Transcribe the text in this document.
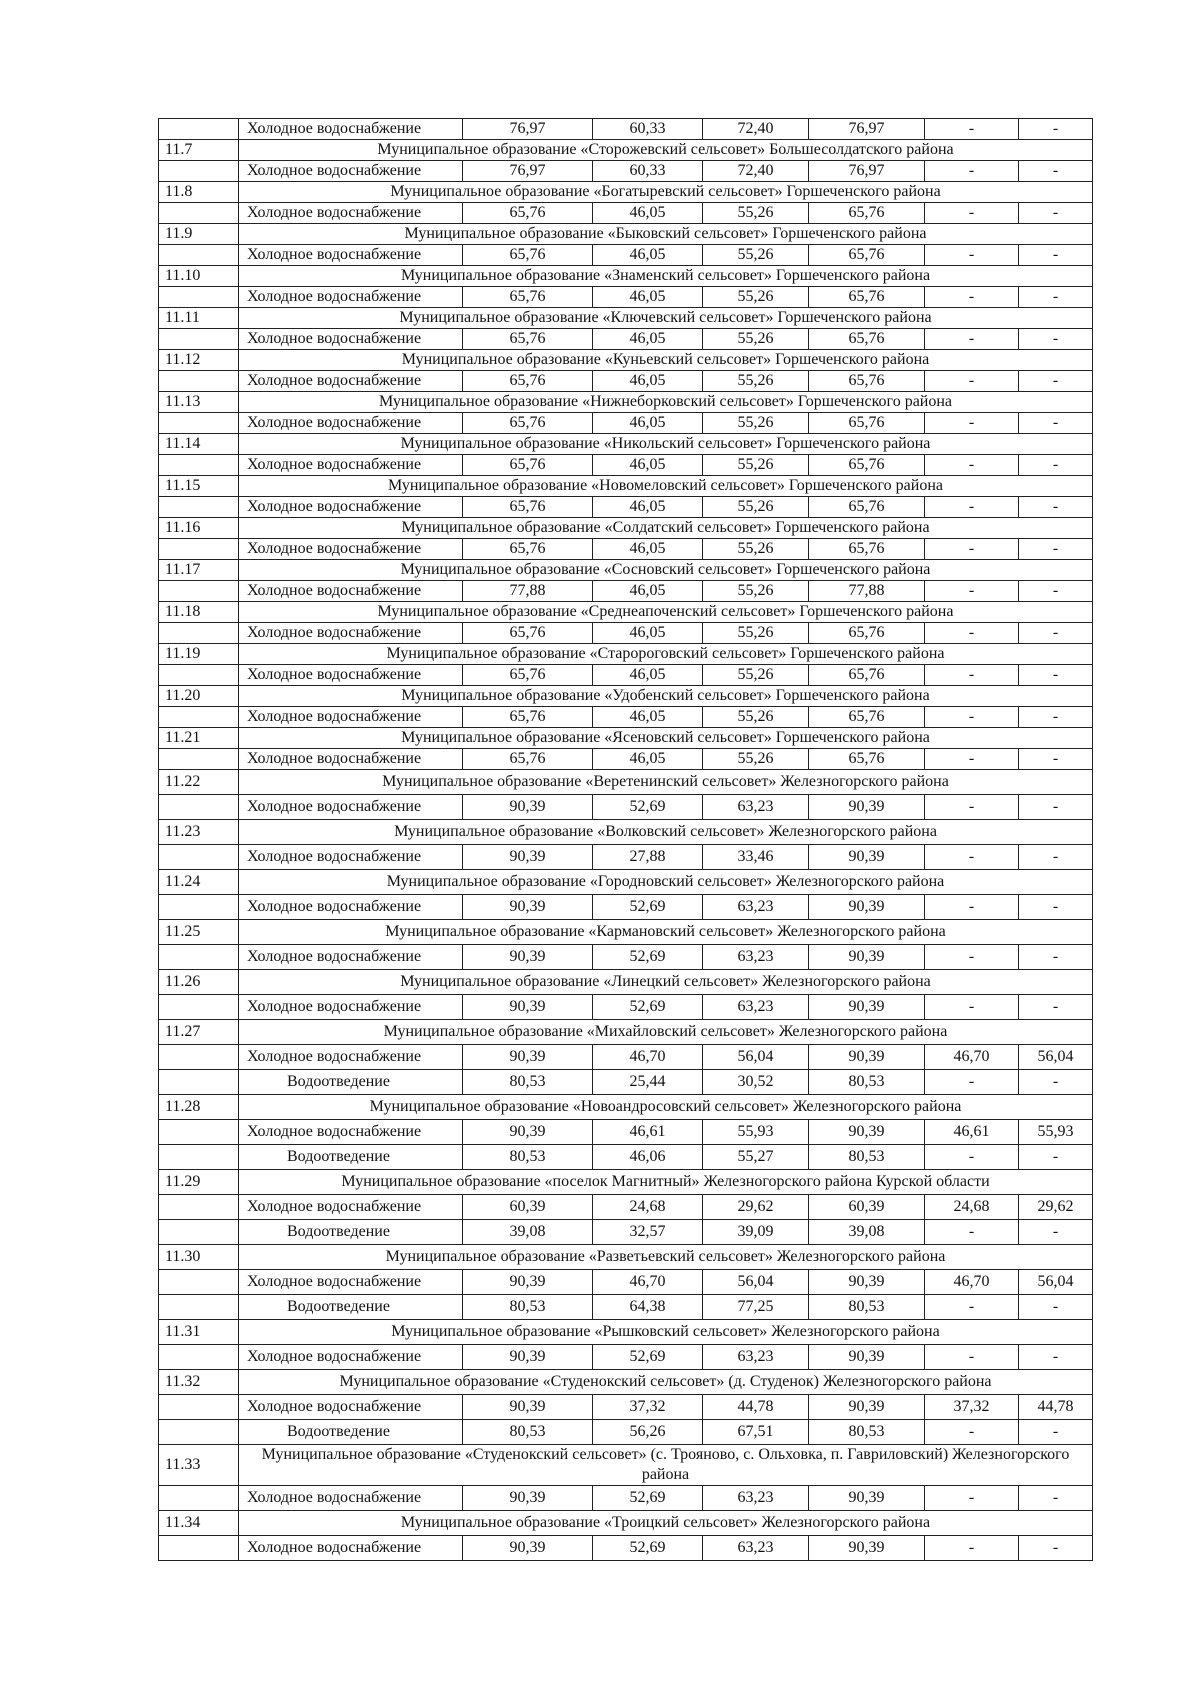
	Холодное водоснабжение	76,97	60,33	72,40	76,97	-	-
11.7	Муниципальное образование «Сторожевский сельсовет» Большесолдатского района						
	Холодное водоснабжение	76,97	60,33	72,40	76,97	-	-
11.8	Муниципальное образование «Богатыревский сельсовет» Горшеченского района						
	Холодное водоснабжение	65,76	46,05	55,26	65,76	-	-
11.9	Муниципальное образование «Быковский сельсовет» Горшеченского района						
	Холодное водоснабжение	65,76	46,05	55,26	65,76	-	-
11.10	Муниципальное образование «Знаменский сельсовет» Горшеченского района						
	Холодное водоснабжение	65,76	46,05	55,26	65,76	-	-
11.11	Муниципальное образование «Ключевский сельсовет» Горшеченского района						
	Холодное водоснабжение	65,76	46,05	55,26	65,76	-	-
11.12	Муниципальное образование «Куньевский сельсовет» Горшеченского района						
	Холодное водоснабжение	65,76	46,05	55,26	65,76	-	-
11.13	Муниципальное образование «Нижнеборковский сельсовет» Горшеченского района						
	Холодное водоснабжение	65,76	46,05	55,26	65,76	-	-
11.14	Муниципальное образование «Никольский сельсовет» Горшеченского района						
	Холодное водоснабжение	65,76	46,05	55,26	65,76	-	-
11.15	Муниципальное образование «Новомеловский сельсовет» Горшеченского района						
	Холодное водоснабжение	65,76	46,05	55,26	65,76	-	-
11.16	Муниципальное образование «Солдатский сельсовет» Горшеченского района						
	Холодное водоснабжение	65,76	46,05	55,26	65,76	-	-
11.17	Муниципальное образование «Сосновский сельсовет» Горшеченского района						
	Холодное водоснабжение	77,88	46,05	55,26	77,88	-	-
11.18	Муниципальное образование «Среднеапоченский сельсовет» Горшеченского района						
	Холодное водоснабжение	65,76	46,05	55,26	65,76	-	-
11.19	Муниципальное образование «Старороговский сельсовет» Горшеченского района						
	Холодное водоснабжение	65,76	46,05	55,26	65,76	-	-
11.20	Муниципальное образование «Удобенский сельсовет» Горшеченского района						
	Холодное водоснабжение	65,76	46,05	55,26	65,76	-	-
11.21	Муниципальное образование «Ясеновский сельсовет» Горшеченского района						
	Холодное водоснабжение	65,76	46,05	55,26	65,76	-	-
11.22	Муниципальное образование «Веретенинский сельсовет» Железногорского района						
	Холодное водоснабжение	90,39	52,69	63,23	90,39	-	-
11.23	Муниципальное образование «Волковский сельсовет» Железногорского района						
	Холодное водоснабжение	90,39	27,88	33,46	90,39	-	-
11.24	Муниципальное образование «Городновский сельсовет» Железногорского района						
	Холодное водоснабжение	90,39	52,69	63,23	90,39	-	-
11.25	Муниципальное образование «Кармановский сельсовет» Железногорского района						
	Холодное водоснабжение	90,39	52,69	63,23	90,39	-	-
11.26	Муниципальное образование «Линецкий сельсовет» Железногорского района						
	Холодное водоснабжение	90,39	52,69	63,23	90,39	-	-
11.27	Муниципальное образование «Михайловский сельсовет» Железногорского района						
	Холодное водоснабжение	90,39	46,70	56,04	90,39	46,70	56,04
	Водоотведение	80,53	25,44	30,52	80,53	-	-
11.28	Муниципальное образование «Новоандросовский сельсовет» Железногорского района						
	Холодное водоснабжение	90,39	46,61	55,93	90,39	46,61	55,93
	Водоотведение	80,53	46,06	55,27	80,53	-	-
11.29	Муниципальное образование «поселок Магнитный» Железногорского района Курской области						
	Холодное водоснабжение	60,39	24,68	29,62	60,39	24,68	29,62
	Водоотведение	39,08	32,57	39,09	39,08	-	-
11.30	Муниципальное образование «Разветьевский сельсовет» Железногорского района						
	Холодное водоснабжение	90,39	46,70	56,04	90,39	46,70	56,04
	Водоотведение	80,53	64,38	77,25	80,53	-	-
11.31	Муниципальное образование «Рышковский сельсовет» Железногорского района						
	Холодное водоснабжение	90,39	52,69	63,23	90,39	-	-
11.32	Муниципальное образование «Студенокский сельсовет» (д. Студенок) Железногорского района						
	Холодное водоснабжение	90,39	37,32	44,78	90,39	37,32	44,78
	Водоотведение	80,53	56,26	67,51	80,53	-	-
11.33	Муниципальное образование «Студенокский сельсовет» (с. Трояново, с. Ольховка, п. Гавриловский) Железногорского района						
	Холодное водоснабжение	90,39	52,69	63,23	90,39	-	-
11.34	Муниципальное образование «Троицкий сельсовет» Железногорского района						
	Холодное водоснабжение	90,39	52,69	63,23	90,39	-	-
